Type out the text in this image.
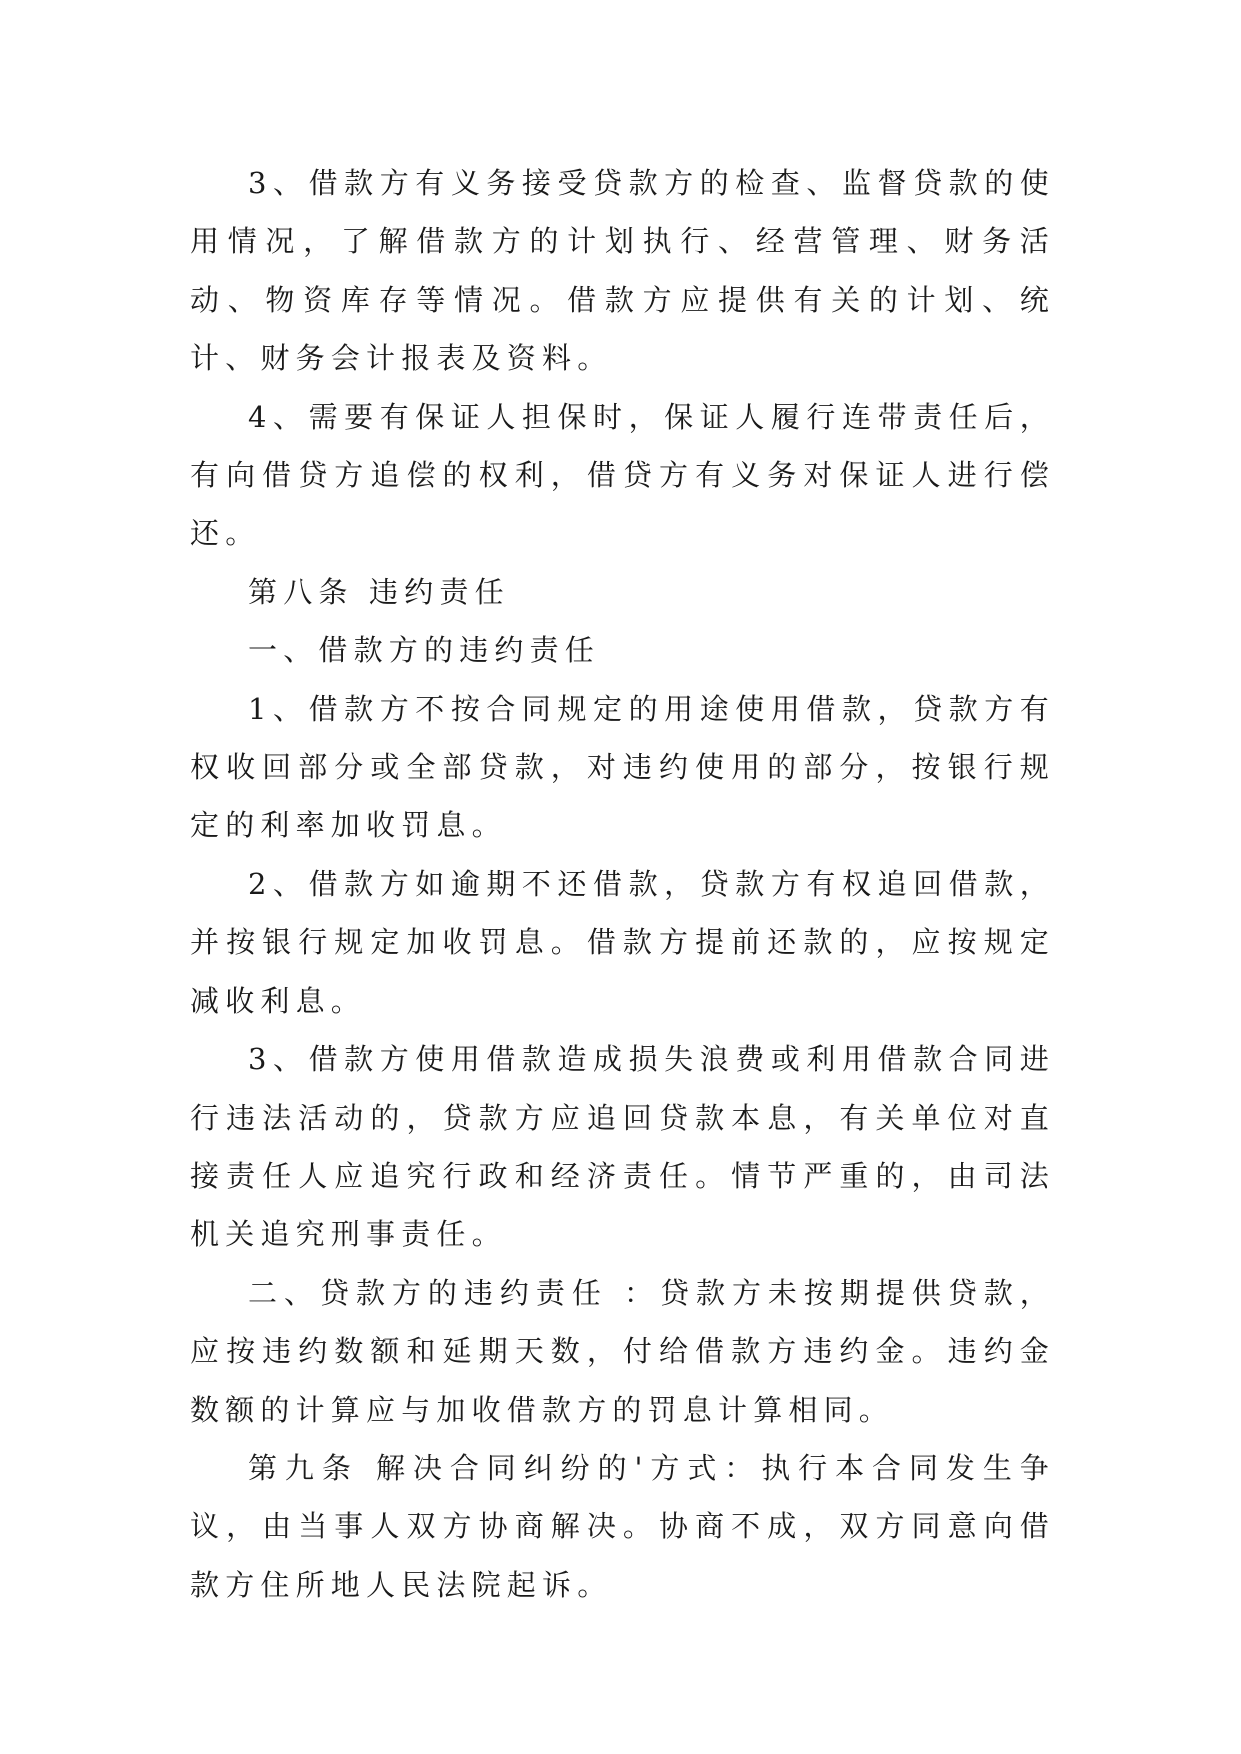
3、借款方有义务接受贷款方的检查、监督贷款的使用情况，了解借款方的计划执行、经营管理、财务活动、物资库存等情况。借款方应提供有关的计划、统计、财务会计报表及资料。

4、需要有保证人担保时，保证人履行连带责任后，有向借贷方追偿的权利，借贷方有义务对保证人进行偿还。

第八条 违约责任

一、借款方的违约责任

1、借款方不按合同规定的用途使用借款，贷款方有权收回部分或全部贷款，对违约使用的部分，按银行规定的利率加收罚息。

2、借款方如逾期不还借款，贷款方有权追回借款，并按银行规定加收罚息。借款方提前还款的，应按规定减收利息。

3、借款方使用借款造成损失浪费或利用借款合同进行违法活动的，贷款方应追回贷款本息，有关单位对直接责任人应追究行政和经济责任。情节严重的，由司法机关追究刑事责任。

二、贷款方的违约责任 ：贷款方未按期提供贷款，应按违约数额和延期天数，付给借款方违约金。违约金数额的计算应与加收借款方的罚息计算相同。

第九条 解决合同纠纷的'方式：执行本合同发生争议，由当事人双方协商解决。协商不成，双方同意向借款方住所地人民法院起诉。
